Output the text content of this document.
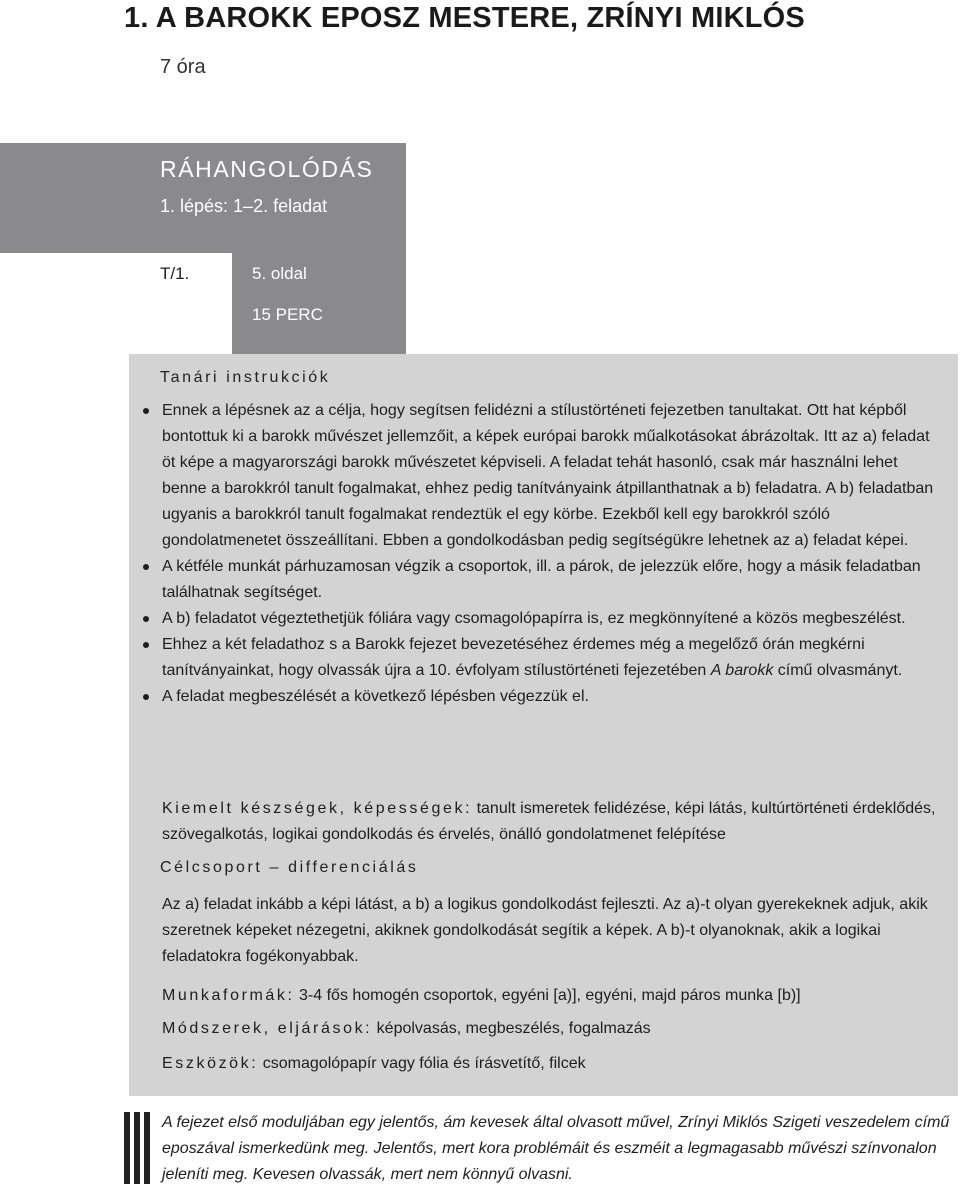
1. A BAROKK EPOSZ MESTERE, ZRÍNYI MIKLÓS
7 óra
RÁHANGOLÓDÁS
1. lépés: 1–2. feladat
T/1.	5. oldal
15 PERC
Tanári instrukciók
Ennek a lépésnek az a célja, hogy segítsen felidézni a stílustörténeti fejezetben tanultakat. Ott hat képből bontottuk ki a barokk művészet jellemzőit, a képek európai barokk műalkotásokat ábrázoltak. Itt az a) feladat öt képe a magyarországi barokk művészetet képviseli. A feladat tehát hasonló, csak már használni lehet benne a barokkról tanult fogalmakat, ehhez pedig tanítványaink átpillanthatnak a b) feladatra. A b) feladatban ugyanis a barokkról tanult fogalmakat rendeztük el egy körbe. Ezekből kell egy barokkról szóló gondolatmenetet összeállítani. Ebben a gondolkodásban pedig segítségükre lehetnek az a) feladat képei.
A kétféle munkát párhuzamosan végzik a csoportok, ill. a párok, de jelezzük előre, hogy a másik feladatban találhatnak segítséget.
A b) feladatot végeztethetjük fóliára vagy csomagolópapírra is, ez megkönnyítené a közös megbeszélést.
Ehhez a két feladathoz s a Barokk fejezet bevezetéséhez érdemes még a megelőző órán megkérni tanítványainkat, hogy olvassák újra a 10. évfolyam stílustörténeti fejezetében A barokk című olvasmányt.
A feladat megbeszélését a következő lépésben végezzük el.

Kiemelt készségek, képességek: tanult ismeretek felidézése, képi látás, kultúrtörténeti érdeklődés, szövegalkotás, logikai gondolkodás és érvelés, önálló gondolatmenet felépítése

Célcsoport – differenciálás

Az a) feladat inkább a képi látást, a b) a logikus gondolkodást fejleszti. Az a)-t olyan gyerekeknek adjuk, akik szeretnek képeket nézegetni, akiknek gondolkodását segítik a képek. A b)-t olyanoknak, akik a logikai feladatokra fogékonyabbak.

Munkaformák: 3-4 fős homogén csoportok, egyéni [a)], egyéni, majd páros munka [b)]

Módszerek, eljárások: képolvasás, megbeszélés, fogalmazás

Eszközök: csomagolópapír vagy fólia és írásvetítő, filcek

A fejezet első moduljában egy jelentős, ám kevesek által olvasott művel, Zrínyi Miklós Szigeti veszedelem című eposzával ismerkedünk meg. Jelentős, mert kora problémáit és eszméit a legmagasabb művészi színvonalon jeleníti meg. Kevesen olvassák, mert nem könnyű olvasni.
